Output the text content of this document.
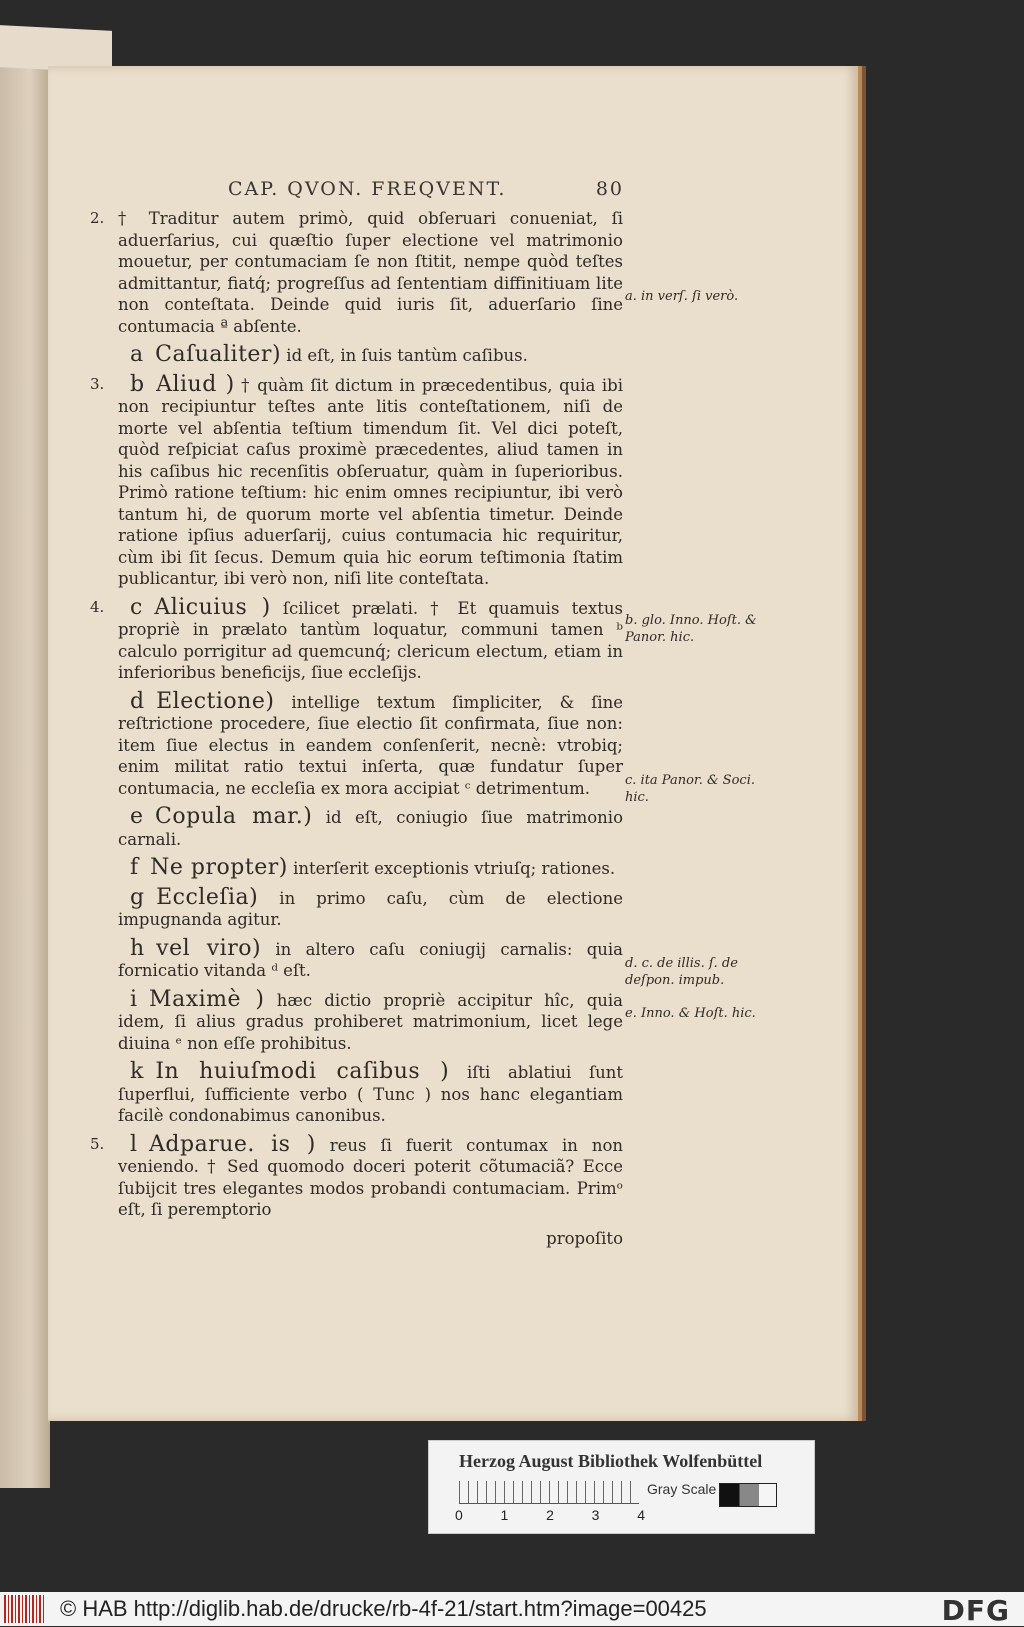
CAP. QVON. FREQVENT.	80

2. † Traditur autem primò, quid obſeruari conueniat, ſi aduerſarius, cui quæſtio ſuper electione vel matrimonio mouetur, per contumaciam ſe non ſtitit, nempe quòd teſtes admittantur, fiatq́; progreſſus ad ſententiam diffinitiuam lite non conteſtata. Deinde quid iuris ſit, aduerſario ſine contumacia ª abſente.

a Caſualiter) id eſt, in ſuis tantùm caſibus.

3. b Aliud ) † quàm ſit dictum in præcedentibus, quia ibi non recipiuntur teſtes ante litis conteſtationem, niſi de morte vel abſentia teſtium timendum ſit. Vel dici poteſt, quòd reſpiciat caſus proximè præcedentes, aliud tamen in his caſibus hic recenſitis obſeruatur, quàm in ſuperioribus. Primò ratione teſtium: hic enim omnes recipiuntur, ibi verò tantum hi, de quorum morte vel abſentia timetur. Deinde ratione ipſius aduerſarij, cuius contumacia hic requiritur, cùm ibi ſit ſecus. Demum quia hic eorum teſtimonia ſtatim publicantur, ibi verò non, niſi lite conteſtata.

4. c Alicuius ) ſcilicet prælati. † Et quamuis textus propriè in prælato tantùm loquatur, communi tamen ᵇ calculo porrigitur ad quemcunq́; clericum electum, etiam in inferioribus beneficijs, ſiue eccleſijs.

d Electione) intellige textum ſimpliciter, & ſine reſtrictione procedere, ſiue electio ſit confirmata, ſiue non: item ſiue electus in eandem conſenſerit, necnè: vtrobiq; enim militat ratio textui inſerta, quæ fundatur ſuper contumacia, ne eccleſia ex mora accipiat ᶜ detrimentum.

e Copula mar.) id eſt, coniugio ſiue matrimonio carnali.

f Ne propter) interſerit exceptionis vtriuſq; rationes.

g Eccleſia) in primo caſu, cùm de electione impugnanda agitur.

h vel viro) in altero caſu coniugij carnalis: quia fornicatio vitanda ᵈ eſt.

i Maximè ) hæc dictio propriè accipitur hîc, quia idem, ſi alius gradus prohiberet matrimonium, licet lege diuina ᵉ non eſſe prohibitus.

k In huiuſmodi caſibus ) iſti ablatiui ſunt ſuperflui, ſufficiente verbo ( Tunc ) nos hanc elegantiam facilè condonabimus canonibus.

5. l Adparue. is ) reus ſi fuerit contumax in non veniendo. † Sed quomodo doceri poterit cõtumaciã? Ecce ſubijcit tres elegantes modos probandi contumaciam. Primᵒ eſt, ſi peremptorio

propoſito
a. in verſ. ſi verò.
b. glo. Inno. Hoſt. & Panor. hic.
c. ita Panor. & Soci. hic.
d. c. de illis. ſ. de deſpon. impub.
e. Inno. & Hoſt. hic.
Herzog August Bibliothek Wolfenbüttel
0	1	2	3	4
Gray Scale
© HAB http://diglib.hab.de/drucke/rb-4f-21/start.htm?image=00425	DFG
